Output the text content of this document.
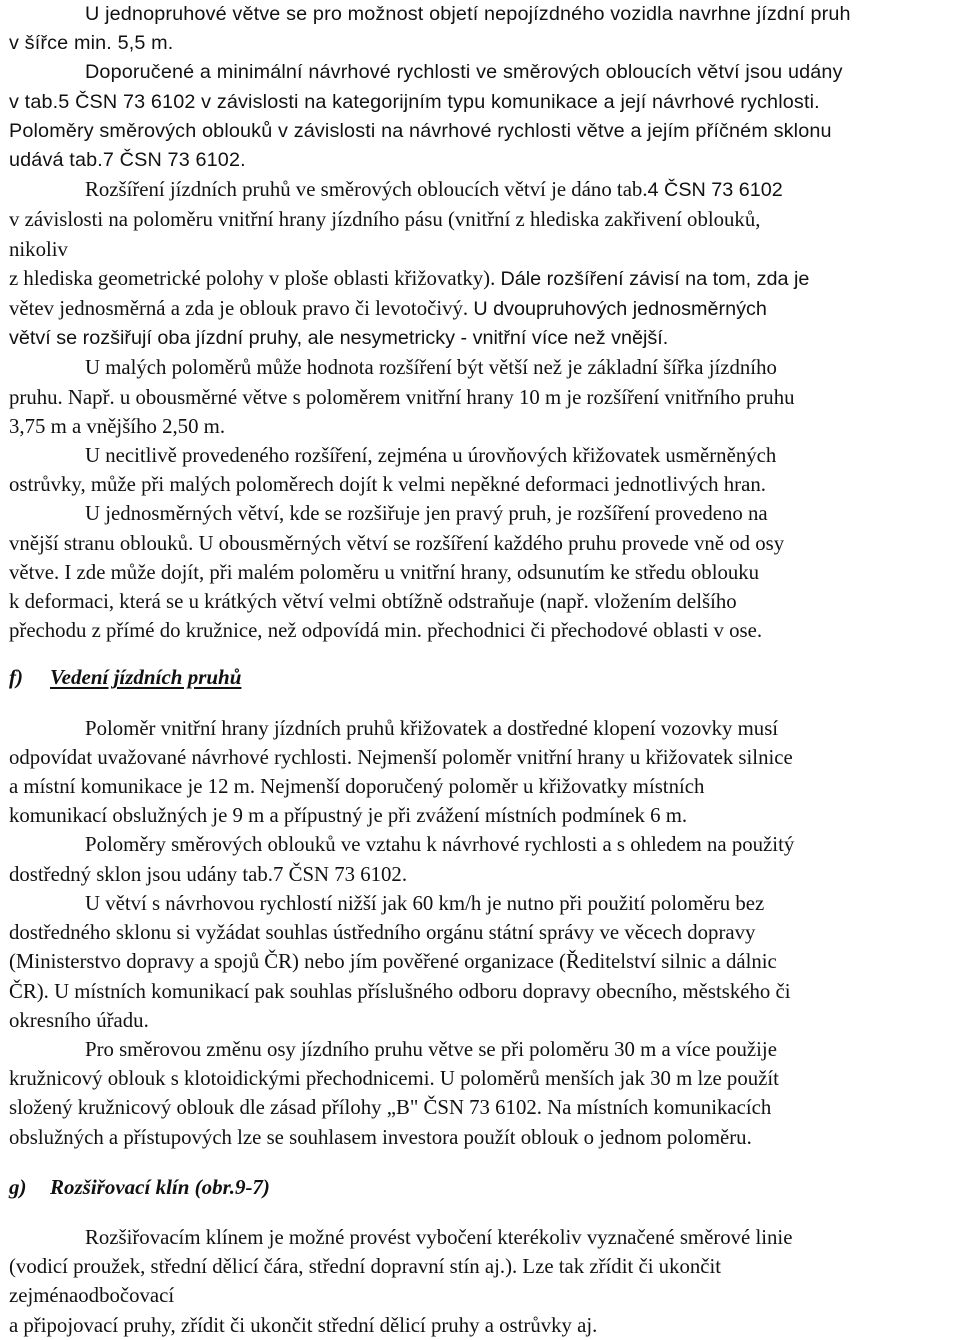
U jednopruhové větve se pro možnost objetí nepojízdného vozidla navrhne jízdní pruh
v šířce min. 5,5 m.

Doporučené a minimální návrhové rychlosti ve směrových obloucích větví jsou udány
v tab.5 ČSN 73 6102 v závislosti na kategorijním typu komunikace a její návrhové rychlosti.
Poloměry směrových oblouků v závislosti na návrhové rychlosti větve a jejím příčném sklonu
udává tab.7 ČSN 73 6102.

Rozšíření jízdních pruhů ve směrových obloucích větví je dáno tab.4 ČSN 73 6102
v závislosti na poloměru vnitřní hrany jízdního pásu (vnitřní z hlediska zakřivení oblouků,
nikoliv
z hlediska geometrické polohy v ploše oblasti křižovatky). Dále rozšíření závisí na tom, zda je
větev jednosměrná a zda je oblouk pravo či levotočivý. U dvoupruhových jednosměrných
větví se rozšiřují oba jízdní pruhy, ale nesymetricky - vnitřní více než vnější.

U malých poloměrů může hodnota rozšíření být větší než je základní šířka jízdního
pruhu. Např. u obousměrné větve s poloměrem vnitřní hrany 10 m je rozšíření vnitřního pruhu
3,75 m a vnějšího 2,50 m.

U necitlivě provedeného rozšíření, zejména u úrovňových křižovatek usměrněných
ostrůvky, může při malých poloměrech dojít k velmi nepěkné deformaci jednotlivých hran.

U jednosměrných větví, kde se rozšiřuje jen pravý pruh, je rozšíření provedeno na
vnější stranu oblouků. U obousměrných větví se rozšíření každého pruhu provede vně od osy
větve. I zde může dojít, při malém poloměru u vnitřní hrany, odsunutím ke středu oblouku
k deformaci, která se u krátkých větví velmi obtížně odstraňuje (např. vložením delšího
přechodu z přímé do kružnice, než odpovídá min. přechodnici či přechodové oblasti v ose.

f) Vedení jízdních pruhů

Poloměr vnitřní hrany jízdních pruhů křižovatek a dostředné klopení vozovky musí
odpovídat uvažované návrhové rychlosti. Nejmenší poloměr vnitřní hrany u křižovatek silnice
a místní komunikace je 12 m. Nejmenší doporučený poloměr u křižovatky místních
komunikací obslužných je 9 m a přípustný je při zvážení místních podmínek 6 m.

Poloměry směrových oblouků ve vztahu k návrhové rychlosti a s ohledem na použitý
dostředný sklon jsou udány tab.7 ČSN 73 6102.

U větví s návrhovou rychlostí nižší jak 60 km/h je nutno při použití poloměru bez
dostředného sklonu si vyžádat souhlas ústředního orgánu státní správy ve věcech dopravy
(Ministerstvo dopravy a spojů ČR) nebo jím pověřené organizace (Ředitelství silnic a dálnic
ČR). U místních komunikací pak souhlas příslušného odboru dopravy obecního, městského či
okresního úřadu.

Pro směrovou změnu osy jízdního pruhu větve se při poloměru 30 m a více použije
kružnicový oblouk s klotoidickými přechodnicemi. U poloměrů menších jak 30 m lze použít
složený kružnicový oblouk dle zásad přílohy „B" ČSN 73 6102. Na místních komunikacích
obslužných a přístupových lze se souhlasem investora použít oblouk o jednom poloměru.

g) Rozšiřovací klín (obr.9-7)

Rozšiřovacím klínem je možné provést vybočení kterékoliv vyznačené směrové linie
(vodicí proužek, střední dělicí čára, střední dopravní stín aj.). Lze tak zřídit či ukončit
zejménaodbočovací
a připojovací pruhy, zřídit či ukončit střední dělicí pruhy a ostrůvky aj.
